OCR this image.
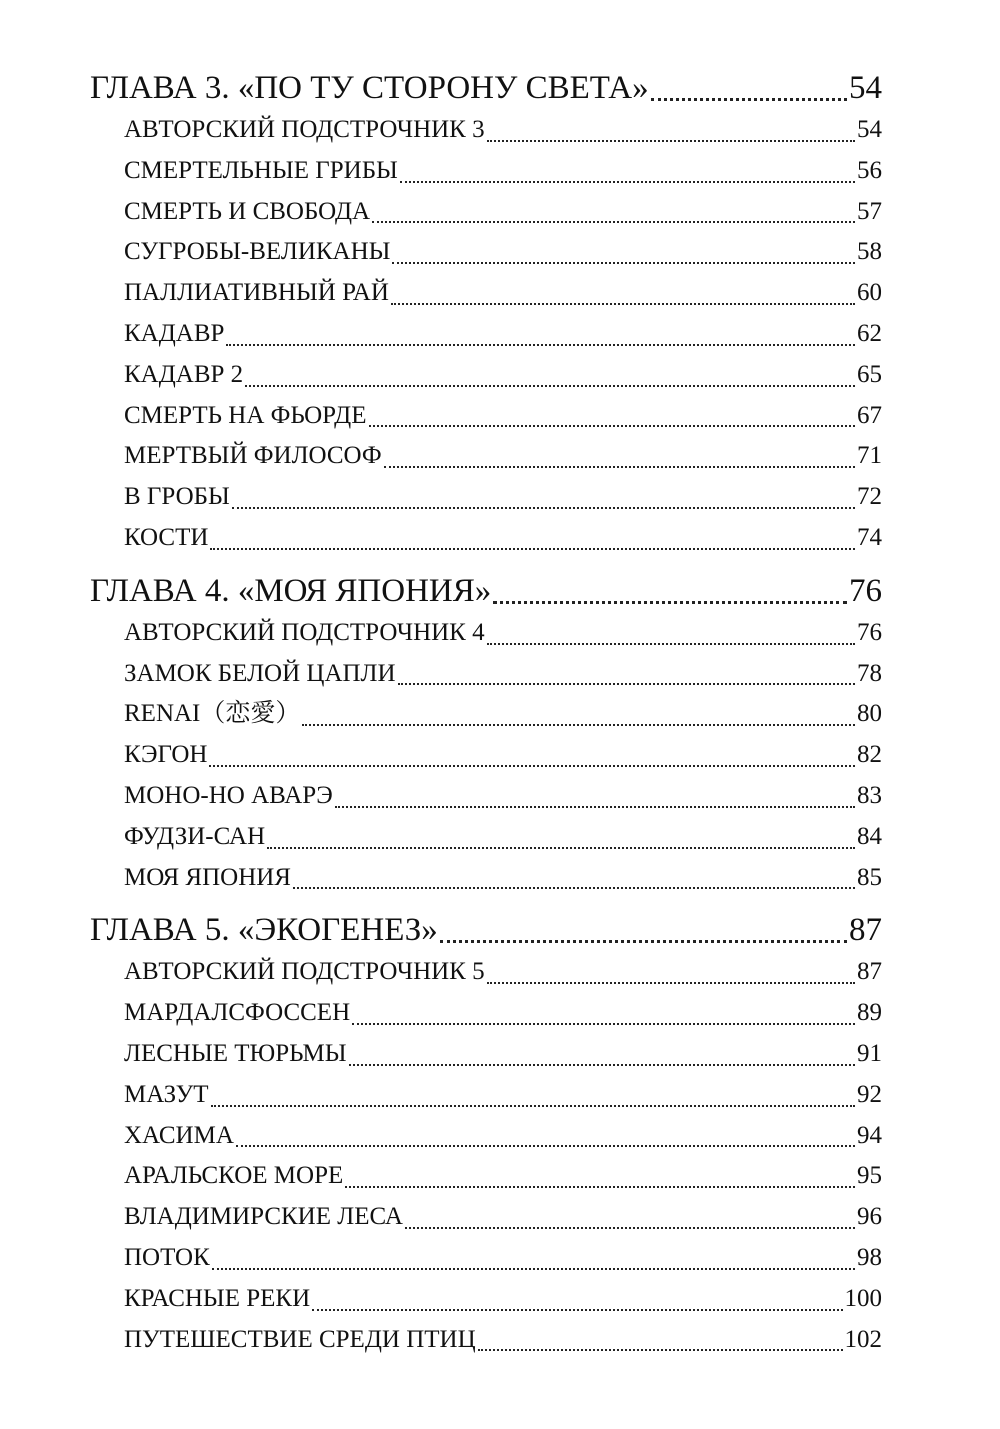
ГЛАВА 3. «ПО ТУ СТОРОНУ СВЕТА»	54
АВТОРСКИЙ ПОДСТРОЧНИК 3	54
СМЕРТЕЛЬНЫЕ ГРИБЫ	56
СМЕРТЬ И СВОБОДА	57
СУГРОБЫ-ВЕЛИКАНЫ	58
ПАЛЛИАТИВНЫЙ РАЙ	60
КАДАВР	62
КАДАВР 2	65
СМЕРТЬ НА ФЬОРДЕ	67
МЕРТВЫЙ ФИЛОСОФ	71
В ГРОБЫ	72
КОСТИ	74
ГЛАВА 4. «МОЯ ЯПОНИЯ»	76
АВТОРСКИЙ ПОДСТРОЧНИК 4	76
ЗАМОК БЕЛОЙ ЦАПЛИ	78
RENAI（恋愛）	80
КЭГОН	82
МОНО-НО АВАРЭ	83
ФУДЗИ-САН	84
МОЯ ЯПОНИЯ	85
ГЛАВА 5. «ЭКОГЕНЕЗ»	87
АВТОРСКИЙ ПОДСТРОЧНИК 5	87
МАРДАЛСФОССЕН	89
ЛЕСНЫЕ ТЮРЬМЫ	91
МАЗУТ	92
ХАСИМА	94
АРАЛЬСКОЕ МОРЕ	95
ВЛАДИМИРСКИЕ ЛЕСА	96
ПОТОК	98
КРАСНЫЕ РЕКИ	100
ПУТЕШЕСТВИЕ СРЕДИ ПТИЦ	102
